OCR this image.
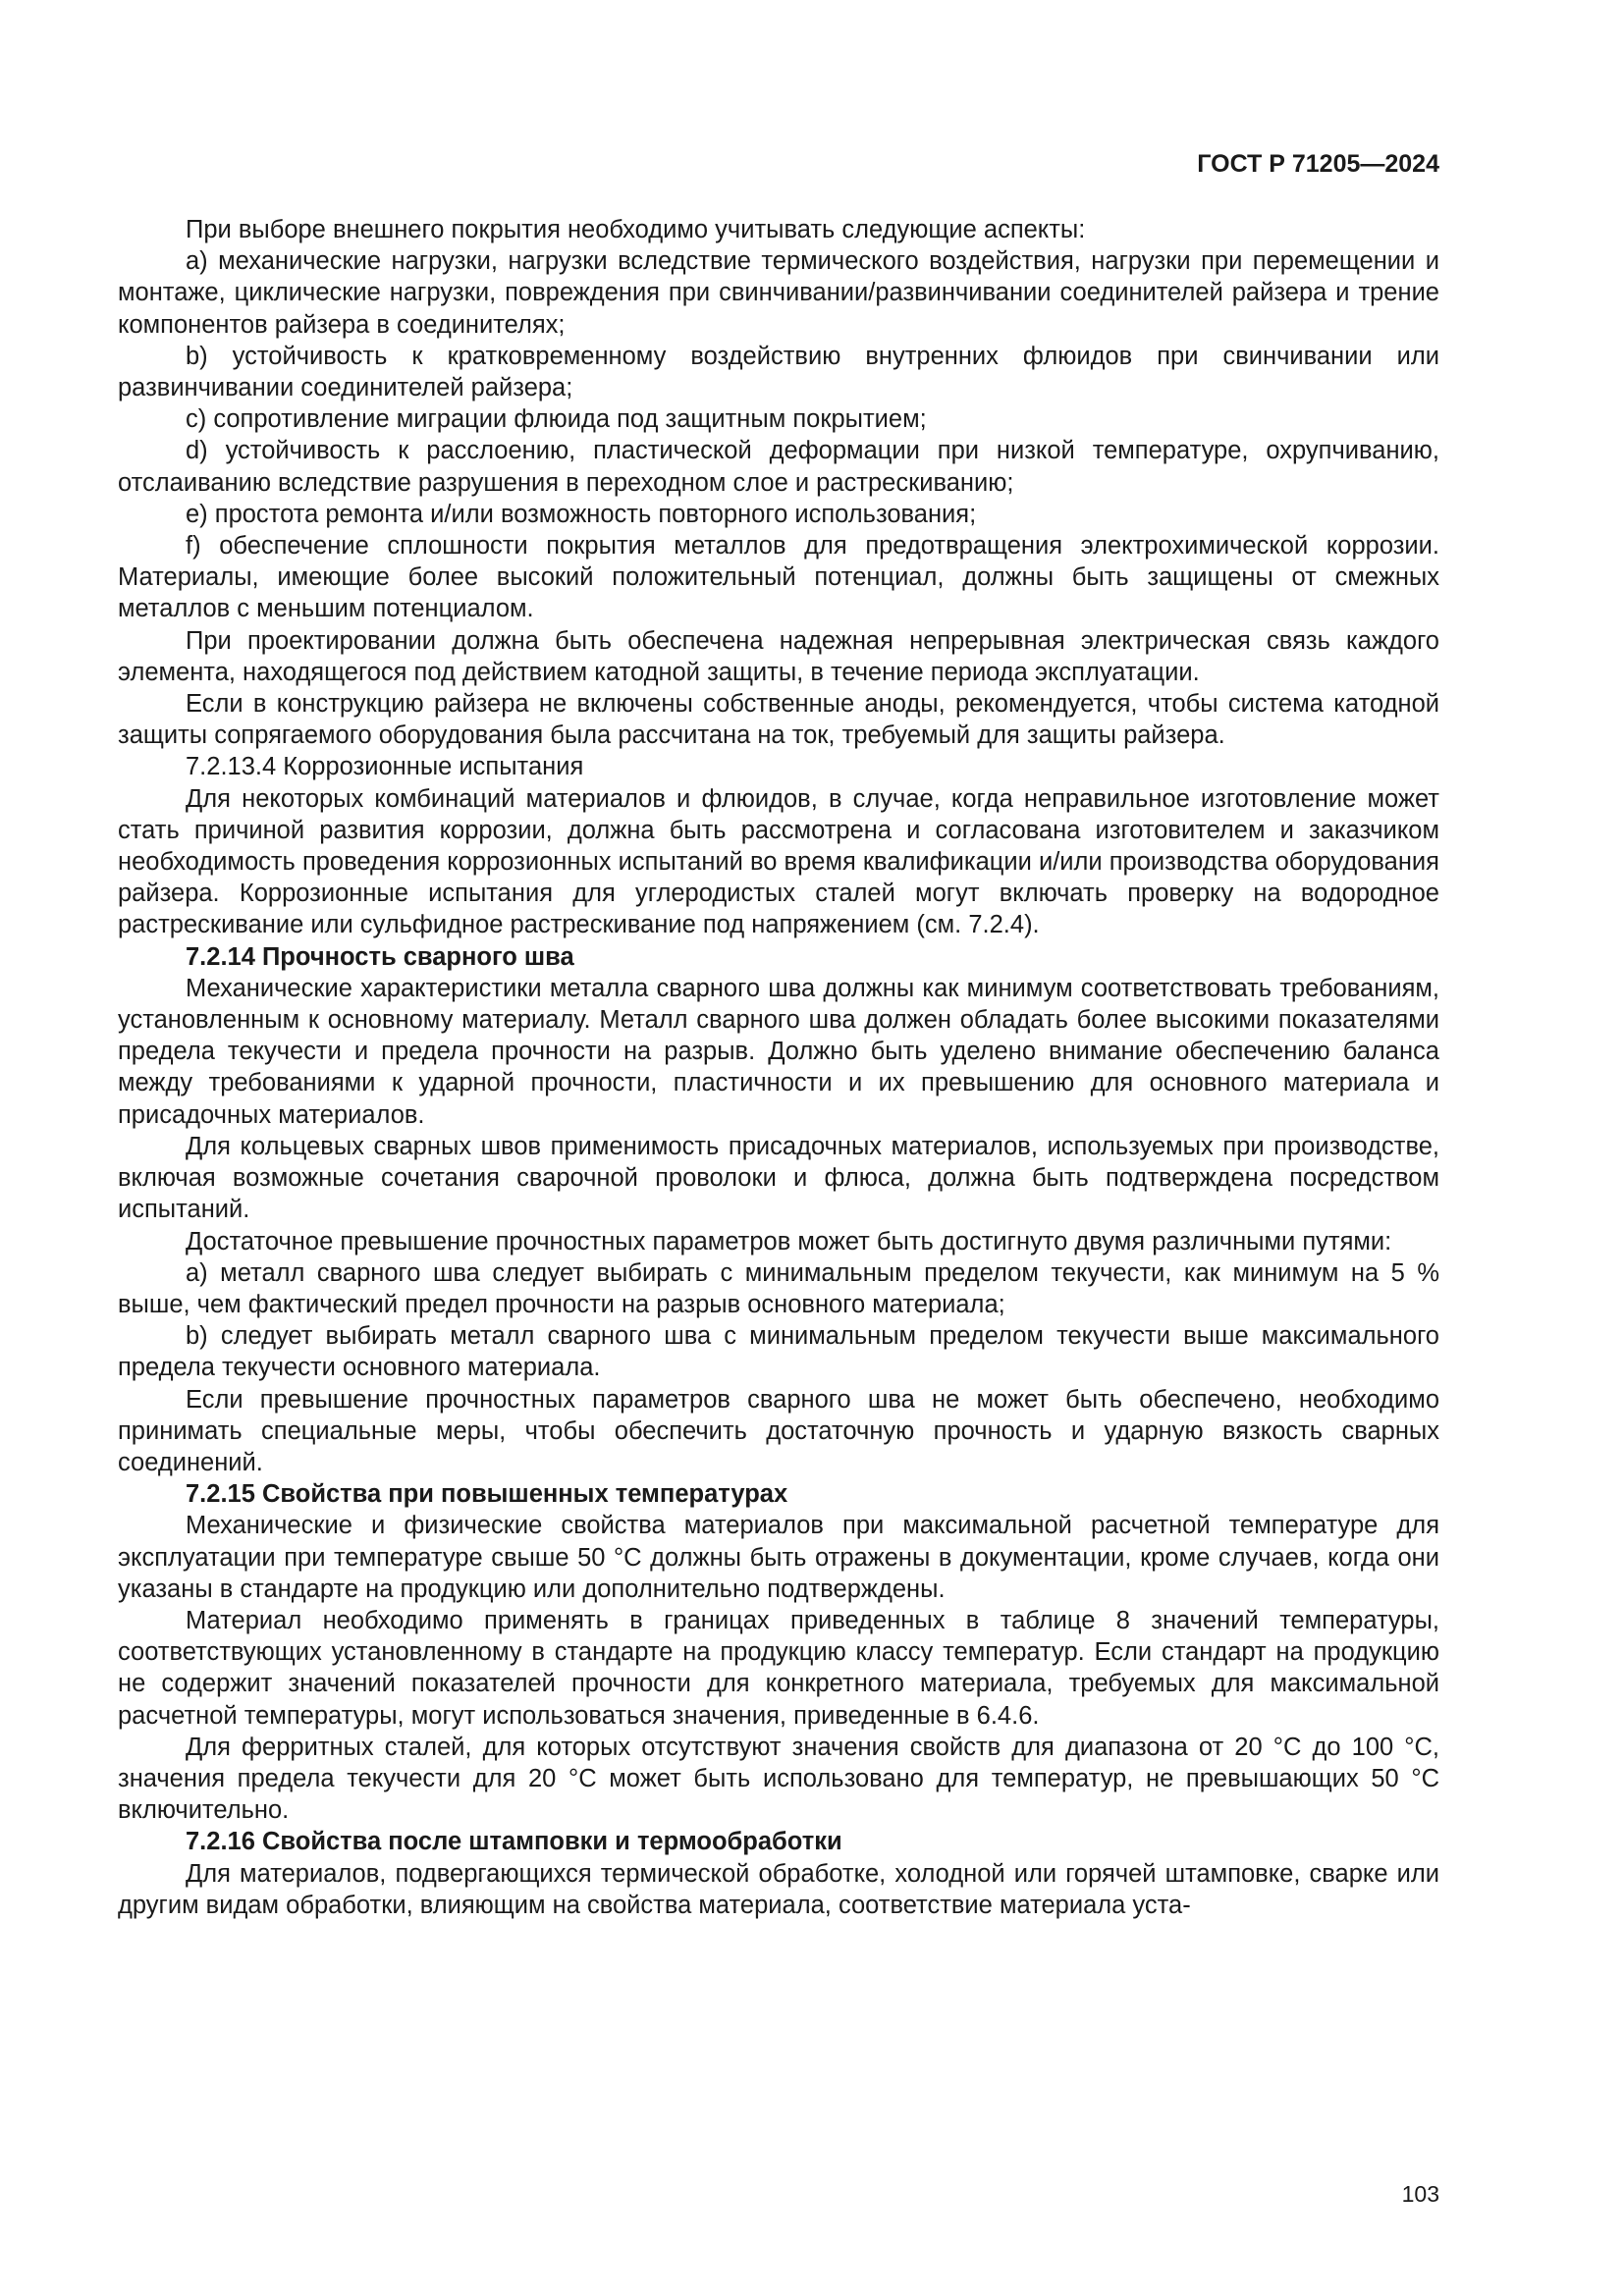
ГОСТ Р 71205—2024

При выборе внешнего покрытия необходимо учитывать следующие аспекты:

a) механические нагрузки, нагрузки вследствие термического воздействия, нагрузки при перемещении и монтаже, циклические нагрузки, повреждения при свинчивании/развинчивании соединителей райзера и трение компонентов райзера в соединителях;

b) устойчивость к кратковременному воздействию внутренних флюидов при свинчивании или развинчивании соединителей райзера;

c) сопротивление миграции флюида под защитным покрытием;

d) устойчивость к расслоению, пластической деформации при низкой температуре, охрупчиванию, отслаиванию вследствие разрушения в переходном слое и растрескиванию;

e) простота ремонта и/или возможность повторного использования;

f) обеспечение сплошности покрытия металлов для предотвращения электрохимической коррозии. Материалы, имеющие более высокий положительный потенциал, должны быть защищены от смежных металлов с меньшим потенциалом.

При проектировании должна быть обеспечена надежная непрерывная электрическая связь каждого элемента, находящегося под действием катодной защиты, в течение периода эксплуатации.

Если в конструкцию райзера не включены собственные аноды, рекомендуется, чтобы система катодной защиты сопрягаемого оборудования была рассчитана на ток, требуемый для защиты райзера.

7.2.13.4 Коррозионные испытания

Для некоторых комбинаций материалов и флюидов, в случае, когда неправильное изготовление может стать причиной развития коррозии, должна быть рассмотрена и согласована изготовителем и заказчиком необходимость проведения коррозионных испытаний во время квалификации и/или производства оборудования райзера. Коррозионные испытания для углеродистых сталей могут включать проверку на водородное растрескивание или сульфидное растрескивание под напряжением (см. 7.2.4).

7.2.14 Прочность сварного шва

Механические характеристики металла сварного шва должны как минимум соответствовать требованиям, установленным к основному материалу. Металл сварного шва должен обладать более высокими показателями предела текучести и предела прочности на разрыв. Должно быть уделено внимание обеспечению баланса между требованиями к ударной прочности, пластичности и их превышению для основного материала и присадочных материалов.

Для кольцевых сварных швов применимость присадочных материалов, используемых при производстве, включая возможные сочетания сварочной проволоки и флюса, должна быть подтверждена посредством испытаний.

Достаточное превышение прочностных параметров может быть достигнуто двумя различными путями:

a) металл сварного шва следует выбирать с минимальным пределом текучести, как минимум на 5 % выше, чем фактический предел прочности на разрыв основного материала;

b) следует выбирать металл сварного шва с минимальным пределом текучести выше максимального предела текучести основного материала.

Если превышение прочностных параметров сварного шва не может быть обеспечено, необходимо принимать специальные меры, чтобы обеспечить достаточную прочность и ударную вязкость сварных соединений.

7.2.15 Свойства при повышенных температурах

Механические и физические свойства материалов при максимальной расчетной температуре для эксплуатации при температуре свыше 50 °С должны быть отражены в документации, кроме случаев, когда они указаны в стандарте на продукцию или дополнительно подтверждены.

Материал необходимо применять в границах приведенных в таблице 8 значений температуры, соответствующих установленному в стандарте на продукцию классу температур. Если стандарт на продукцию не содержит значений показателей прочности для конкретного материала, требуемых для максимальной расчетной температуры, могут использоваться значения, приведенные в 6.4.6.

Для ферритных сталей, для которых отсутствуют значения свойств для диапазона от 20 °С до 100 °С, значения предела текучести для 20 °С может быть использовано для температур, не превышающих 50 °С включительно.

7.2.16 Свойства после штамповки и термообработки

Для материалов, подвергающихся термической обработке, холодной или горячей штамповке, сварке или другим видам обработки, влияющим на свойства материала, соответствие материала уста-

103
